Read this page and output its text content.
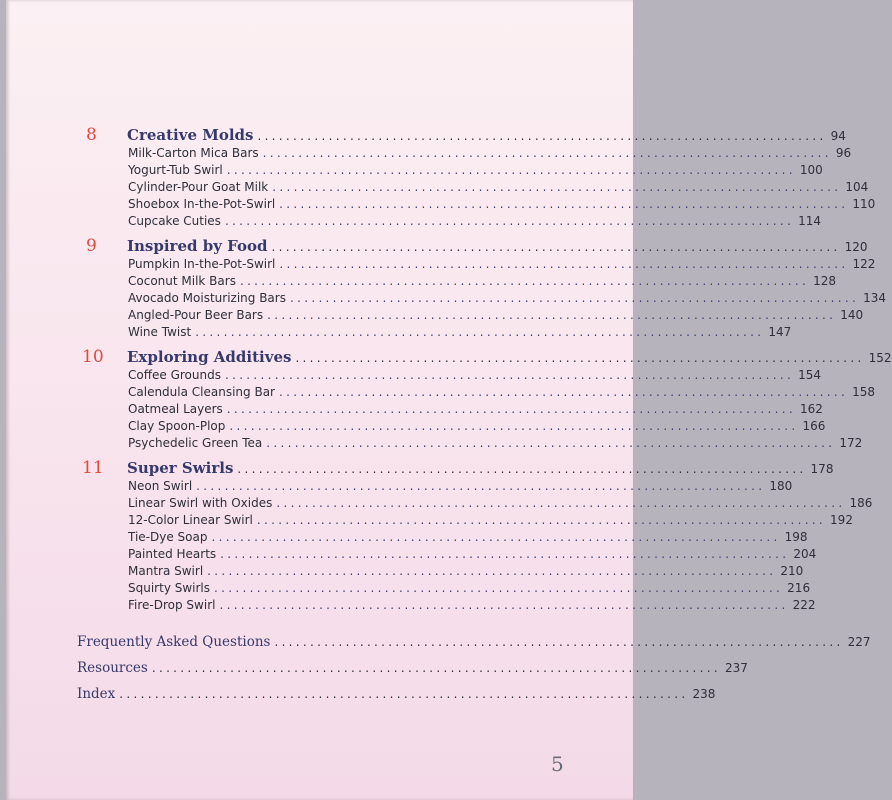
8 Creative Molds ................................................................................ 94
Milk-Carton Mica Bars ................................................................................ 96
Yogurt-Tub Swirl ................................................................................ 100
Cylinder-Pour Goat Milk ................................................................................ 104
Shoebox In-the-Pot-Swirl ................................................................................ 110
Cupcake Cuties ................................................................................ 114
9 Inspired by Food ................................................................................ 120
Pumpkin In-the-Pot-Swirl ................................................................................ 122
Coconut Milk Bars ................................................................................ 128
Avocado Moisturizing Bars ................................................................................ 134
Angled-Pour Beer Bars ................................................................................ 140
Wine Twist ................................................................................ 147
10 Exploring Additives ................................................................................ 152
Coffee Grounds ................................................................................ 154
Calendula Cleansing Bar ................................................................................ 158
Oatmeal Layers ................................................................................ 162
Clay Spoon-Plop ................................................................................ 166
Psychedelic Green Tea ................................................................................ 172
11 Super Swirls ................................................................................ 178
Neon Swirl ................................................................................ 180
Linear Swirl with Oxides ................................................................................ 186
12-Color Linear Swirl ................................................................................ 192
Tie-Dye Soap ................................................................................ 198
Painted Hearts ................................................................................ 204
Mantra Swirl ................................................................................ 210
Squirty Swirls ................................................................................ 216
Fire-Drop Swirl ................................................................................ 222
Frequently Asked Questions ................................................................................ 227
Resources ................................................................................ 237
Index ................................................................................ 238
5
